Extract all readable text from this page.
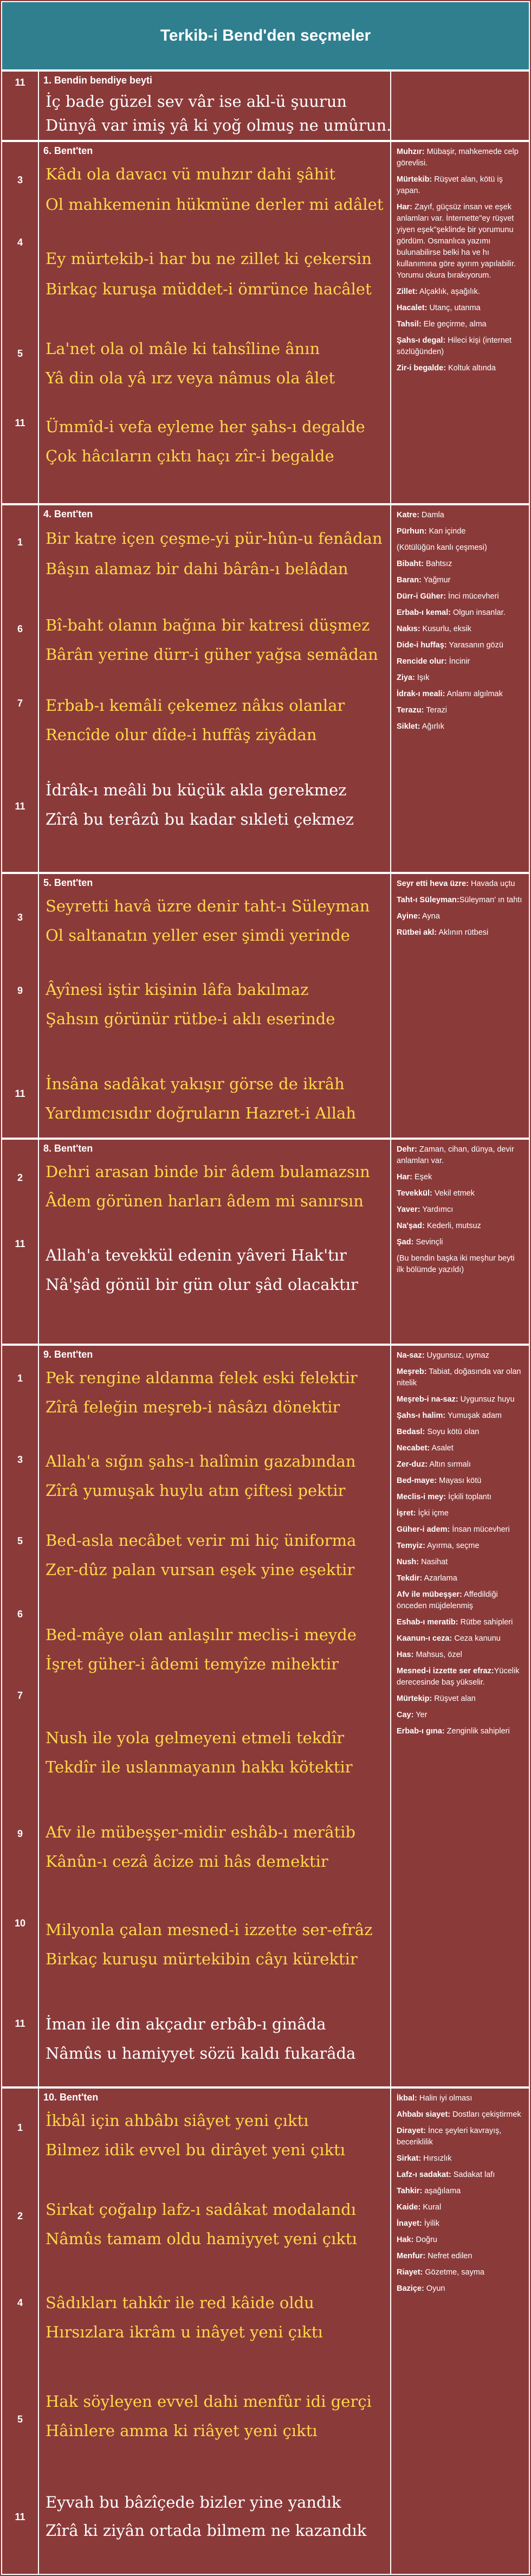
Terkib-i Bend'den seçmeler
11	1. Bendin bendiye beyti
İç bade güzel sev vâr ise akl-ü şuurun
Dünyâ var imiş yâ ki yoğ olmuş ne umûrun.
3
4
5
11
6. Bent'ten
Kâdı ola davacı vü muhzır dahi şâhit
Ol mahkemenin hükmüne derler mi adâlet
Ey mürtekib-i har bu ne zillet ki çekersin
Birkaç kuruşa müddet-i ömrünce hacâlet
La'net ola ol mâle ki tahsîline ânın
Yâ din ola yâ ırz veya nâmus ola âlet
Ümmîd-i vefa eyleme her şahs-ı degalde
Çok hâcıların çıktı haçı zîr-i begalde
Muhzır: Mübaşir, mahkemede celp görevlisi.
Mürtekib: Rüşvet alan, kötü iş yapan.
Har: Zayıf, güçsüz insan ve eşek anlamları var. İnternette"ey rüşvet yiyen eşek"şeklinde bir yorumunu gördüm. Osmanlıca yazımı bulunabilirse belki ha ve hı kullanımına göre ayırım yapılabilir. Yorumu okura bırakıyorum.
Zillet: Alçaklık, aşağılık.
Hacalet: Utanç, utanma
Tahsil: Ele geçirme, alma
Şahs-ı degal: Hileci kişi (internet sözlüğünden)
Zir-i begalde: Koltuk altında
1
6
7
11
4. Bent'ten
Bir katre içen çeşme-yi pür-hûn-u fenâdan
Bâşın alamaz bir dahi bârân-ı belâdan
Bî-baht olanın bağına bir katresi düşmez
Bârân yerine dürr-i güher yağsa semâdan
Erbab-ı kemâli çekemez nâkıs olanlar
Rencîde olur dîde-i huffâş ziyâdan
İdrâk-ı meâli bu küçük akla gerekmez
Zîrâ bu terâzû bu kadar sıkleti çekmez
Katre: Damla
Pürhun: Kan içinde
(Kötülüğün kanlı çeşmesi)
Bibaht: Bahtsız
Baran: Yağmur
Dürr-i Güher: İnci mücevheri
Erbab-ı kemal: Olgun insanlar.
Nakıs: Kusurlu, eksik
Dide-i huffaş: Yarasanın gözü
Rencide olur: İncinir
Ziya: Işık
İdrak-ı meali: Anlamı algılmak
Terazu: Terazi
Siklet: Ağırlık
3
9
11
5. Bent'ten
Seyretti havâ üzre denir taht-ı Süleyman
Ol saltanatın yeller eser şimdi yerinde
Âyînesi iştir kişinin lâfa bakılmaz
Şahsın görünür rütbe-i aklı eserinde
İnsâna sadâkat yakışır görse de ikrâh
Yardımcısıdır doğruların Hazret-i Allah
Seyr etti heva üzre: Havada uçtu
Taht-ı Süleyman:Süleyman' ın tahtı
Ayine: Ayna
Rütbei akl: Aklının rütbesi
2
11
8. Bent'ten
Dehri arasan binde bir âdem bulamazsın
Âdem görünen harları âdem mi sanırsın
Allah'a tevekkül edenin yâveri Hak'tır
Nâ'şâd gönül bir gün olur şâd olacaktır
Dehr: Zaman, cihan, dünya, devir anlamları var.
Har: Eşek
Tevekkül: Vekil etmek
Yaver: Yardımcı
Na'şad: Kederli, mutsuz
Şad: Sevinçli
(Bu bendin başka iki meşhur beyti ilk bölümde yazıldı)
1
3
5
6
7
9
10
11
9. Bent'ten
Pek rengine aldanma felek eski felektir
Zîrâ feleğin meşreb-i nâsâzı dönektir
Allah'a sığın şahs-ı halîmin gazabından
Zîrâ yumuşak huylu atın çiftesi pektir
Bed-asla necâbet verir mi hiç üniforma
Zer-dûz palan vursan eşek yine eşektir
Bed-mâye olan anlaşılır meclis-i meyde
İşret güher-i âdemi temyîze mihektir
Nush ile yola gelmeyeni etmeli tekdîr
Tekdîr ile uslanmayanın hakkı kötektir
Afv ile mübeşşer-midir eshâb-ı merâtib
Kânûn-ı cezâ âcize mi hâs demektir
Milyonla çalan mesned-i izzette ser-efrâz
Birkaç kuruşu mürtekibin câyı kürektir
İman ile din akçadır erbâb-ı ginâda
Nâmûs u hamiyyet sözü kaldı fukarâda
Na-saz: Uygunsuz, uymaz
Meşreb: Tabiat, doğasında var olan nitelik
Meşreb-i na-saz: Uygunsuz huyu
Şahs-ı halim: Yumuşak adam
Bedasl: Soyu kötü olan
Necabet: Asalet
Zer-duz: Altın sırmalı
Bed-maye: Mayası kötü
Meclis-i mey: İçkili toplantı
İşret: İçki içme
Güher-i adem: İnsan mücevheri
Temyiz: Ayırma, seçme
Nush: Nasihat
Tekdir: Azarlama
Afv ile mübeşşer: Affedildiği önceden müjdelenmiş
Eshab-ı meratib: Rütbe sahipleri
Kaanun-ı ceza: Ceza kanunu
Has: Mahsus, özel
Mesned-i izzette ser efraz:Yücelik derecesinde baş yükselir.
Mürtekip: Rüşvet alan
Cay: Yer
Erbab-ı gına: Zenginlik sahipleri
1
2
4
5
11
10. Bent'ten
İkbâl için ahbâbı siâyet yeni çıktı
Bilmez idik evvel bu dirâyet yeni çıktı
Sirkat çoğalıp lafz-ı sadâkat modalandı
Nâmûs tamam oldu hamiyyet yeni çıktı
Sâdıkları tahkîr ile red kâide oldu
Hırsızlara ikrâm u inâyet yeni çıktı
Hak söyleyen evvel dahi menfûr idi gerçi
Hâinlere amma ki riâyet yeni çıktı
Eyvah bu bâzîçede bizler yine yandık
Zîrâ ki ziyân ortada bilmem ne kazandık
İkbal: Halin iyi olması
Ahbabı siayet: Dostları çekiştirmek
Dirayet: İnce şeyleri kavrayış, beceriklilik
Sirkat: Hırsızlık
Lafz-ı sadakat: Sadakat lafı
Tahkir: aşağılama
Kaide: Kural
İnayet: İyilik
Hak: Doğru
Menfur: Nefret edilen
Riayet: Gözetme, sayma
Baziçe: Oyun
